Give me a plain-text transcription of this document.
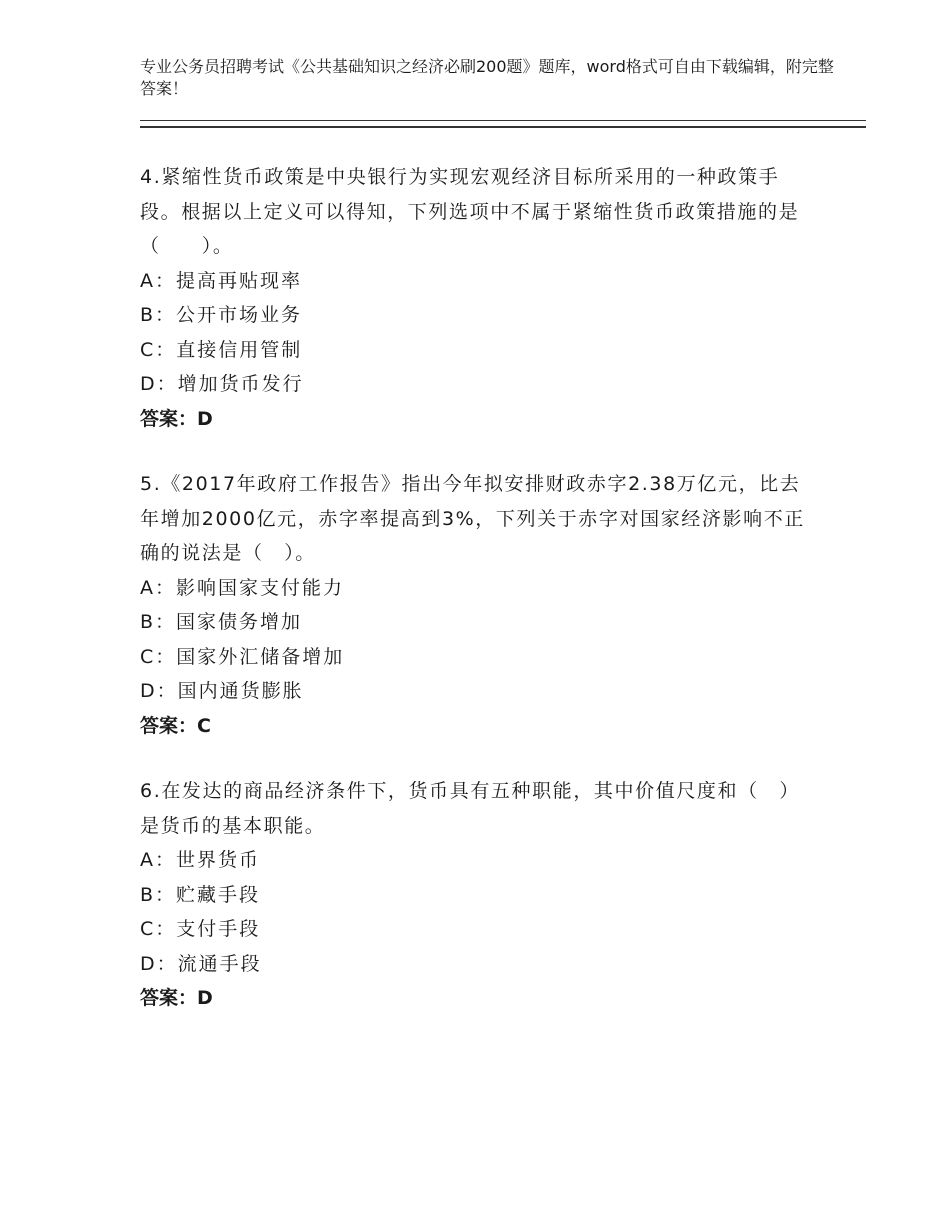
专业公务员招聘考试《公共基础知识之经济必刷200题》题库，word格式可自由下载编辑，附完整答案！

4.紧缩性货币政策是中央银行为实现宏观经济目标所采用的一种政策手段。根据以上定义可以得知，下列选项中不属于紧缩性货币政策措施的是（　　）。

A：提高再贴现率
B：公开市场业务
C：直接信用管制
D：增加货币发行
答案：D

5.《2017年政府工作报告》指出今年拟安排财政赤字2.38万亿元，比去年增加2000亿元，赤字率提高到3%，下列关于赤字对国家经济影响不正确的说法是（　）。

A：影响国家支付能力
B：国家债务增加
C：国家外汇储备增加
D：国内通货膨胀
答案：C

6.在发达的商品经济条件下，货币具有五种职能，其中价值尺度和（　）是货币的基本职能。

A：世界货币
B：贮藏手段
C：支付手段
D：流通手段
答案：D
